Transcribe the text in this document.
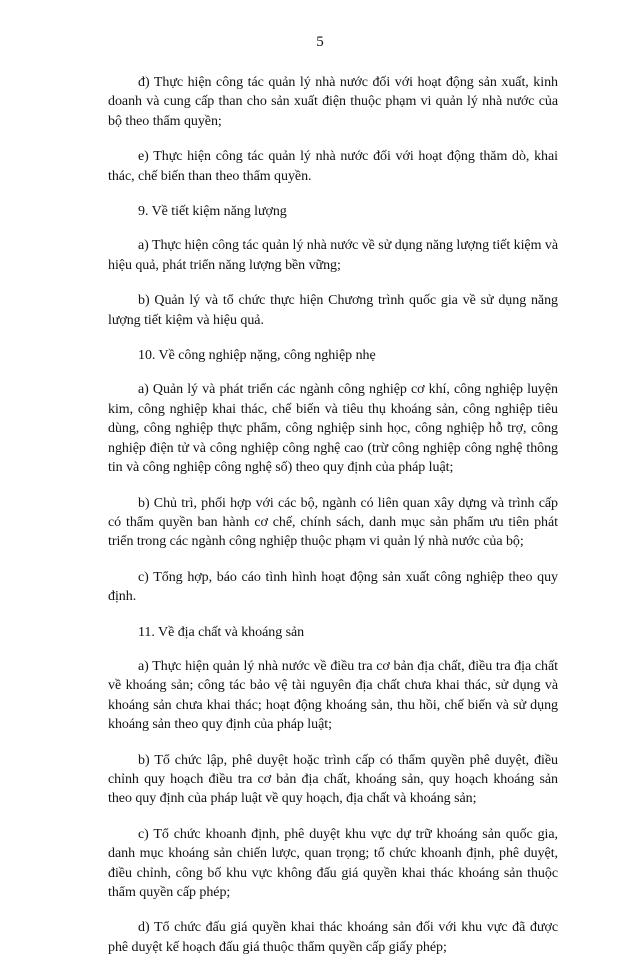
5

đ) Thực hiện công tác quản lý nhà nước đối với hoạt động sản xuất, kinh doanh và cung cấp than cho sản xuất điện thuộc phạm vi quản lý nhà nước của bộ theo thẩm quyền;

e) Thực hiện công tác quản lý nhà nước đối với hoạt động thăm dò, khai thác, chế biến than theo thẩm quyền.

9. Về tiết kiệm năng lượng

a) Thực hiện công tác quản lý nhà nước về sử dụng năng lượng tiết kiệm và hiệu quả, phát triển năng lượng bền vững;

b) Quản lý và tổ chức thực hiện Chương trình quốc gia về sử dụng năng lượng tiết kiệm và hiệu quả.

10. Về công nghiệp nặng, công nghiệp nhẹ

a) Quản lý và phát triển các ngành công nghiệp cơ khí, công nghiệp luyện kim, công nghiệp khai thác, chế biến và tiêu thụ khoáng sản, công nghiệp tiêu dùng, công nghiệp thực phẩm, công nghiệp sinh học, công nghiệp hỗ trợ, công nghiệp điện tử và công nghiệp công nghệ cao (trừ công nghiệp công nghệ thông tin và công nghiệp công nghệ số) theo quy định của pháp luật;

b) Chủ trì, phối hợp với các bộ, ngành có liên quan xây dựng và trình cấp có thẩm quyền ban hành cơ chế, chính sách, danh mục sản phẩm ưu tiên phát triển trong các ngành công nghiệp thuộc phạm vi quản lý nhà nước của bộ;

c) Tổng hợp, báo cáo tình hình hoạt động sản xuất công nghiệp theo quy định.

11. Về địa chất và khoáng sản

a) Thực hiện quản lý nhà nước về điều tra cơ bản địa chất, điều tra địa chất về khoáng sản; công tác bảo vệ tài nguyên địa chất chưa khai thác, sử dụng và khoáng sản chưa khai thác; hoạt động khoáng sản, thu hồi, chế biến và sử dụng khoáng sản theo quy định của pháp luật;

b) Tổ chức lập, phê duyệt hoặc trình cấp có thẩm quyền phê duyệt, điều chỉnh quy hoạch điều tra cơ bản địa chất, khoáng sản, quy hoạch khoáng sản theo quy định của pháp luật về quy hoạch, địa chất và khoáng sản;

c) Tổ chức khoanh định, phê duyệt khu vực dự trữ khoáng sản quốc gia, danh mục khoáng sản chiến lược, quan trọng; tổ chức khoanh định, phê duyệt, điều chỉnh, công bố khu vực không đấu giá quyền khai thác khoáng sản thuộc thẩm quyền cấp phép;

d) Tổ chức đấu giá quyền khai thác khoáng sản đối với khu vực đã được phê duyệt kế hoạch đấu giá thuộc thẩm quyền cấp giấy phép;
